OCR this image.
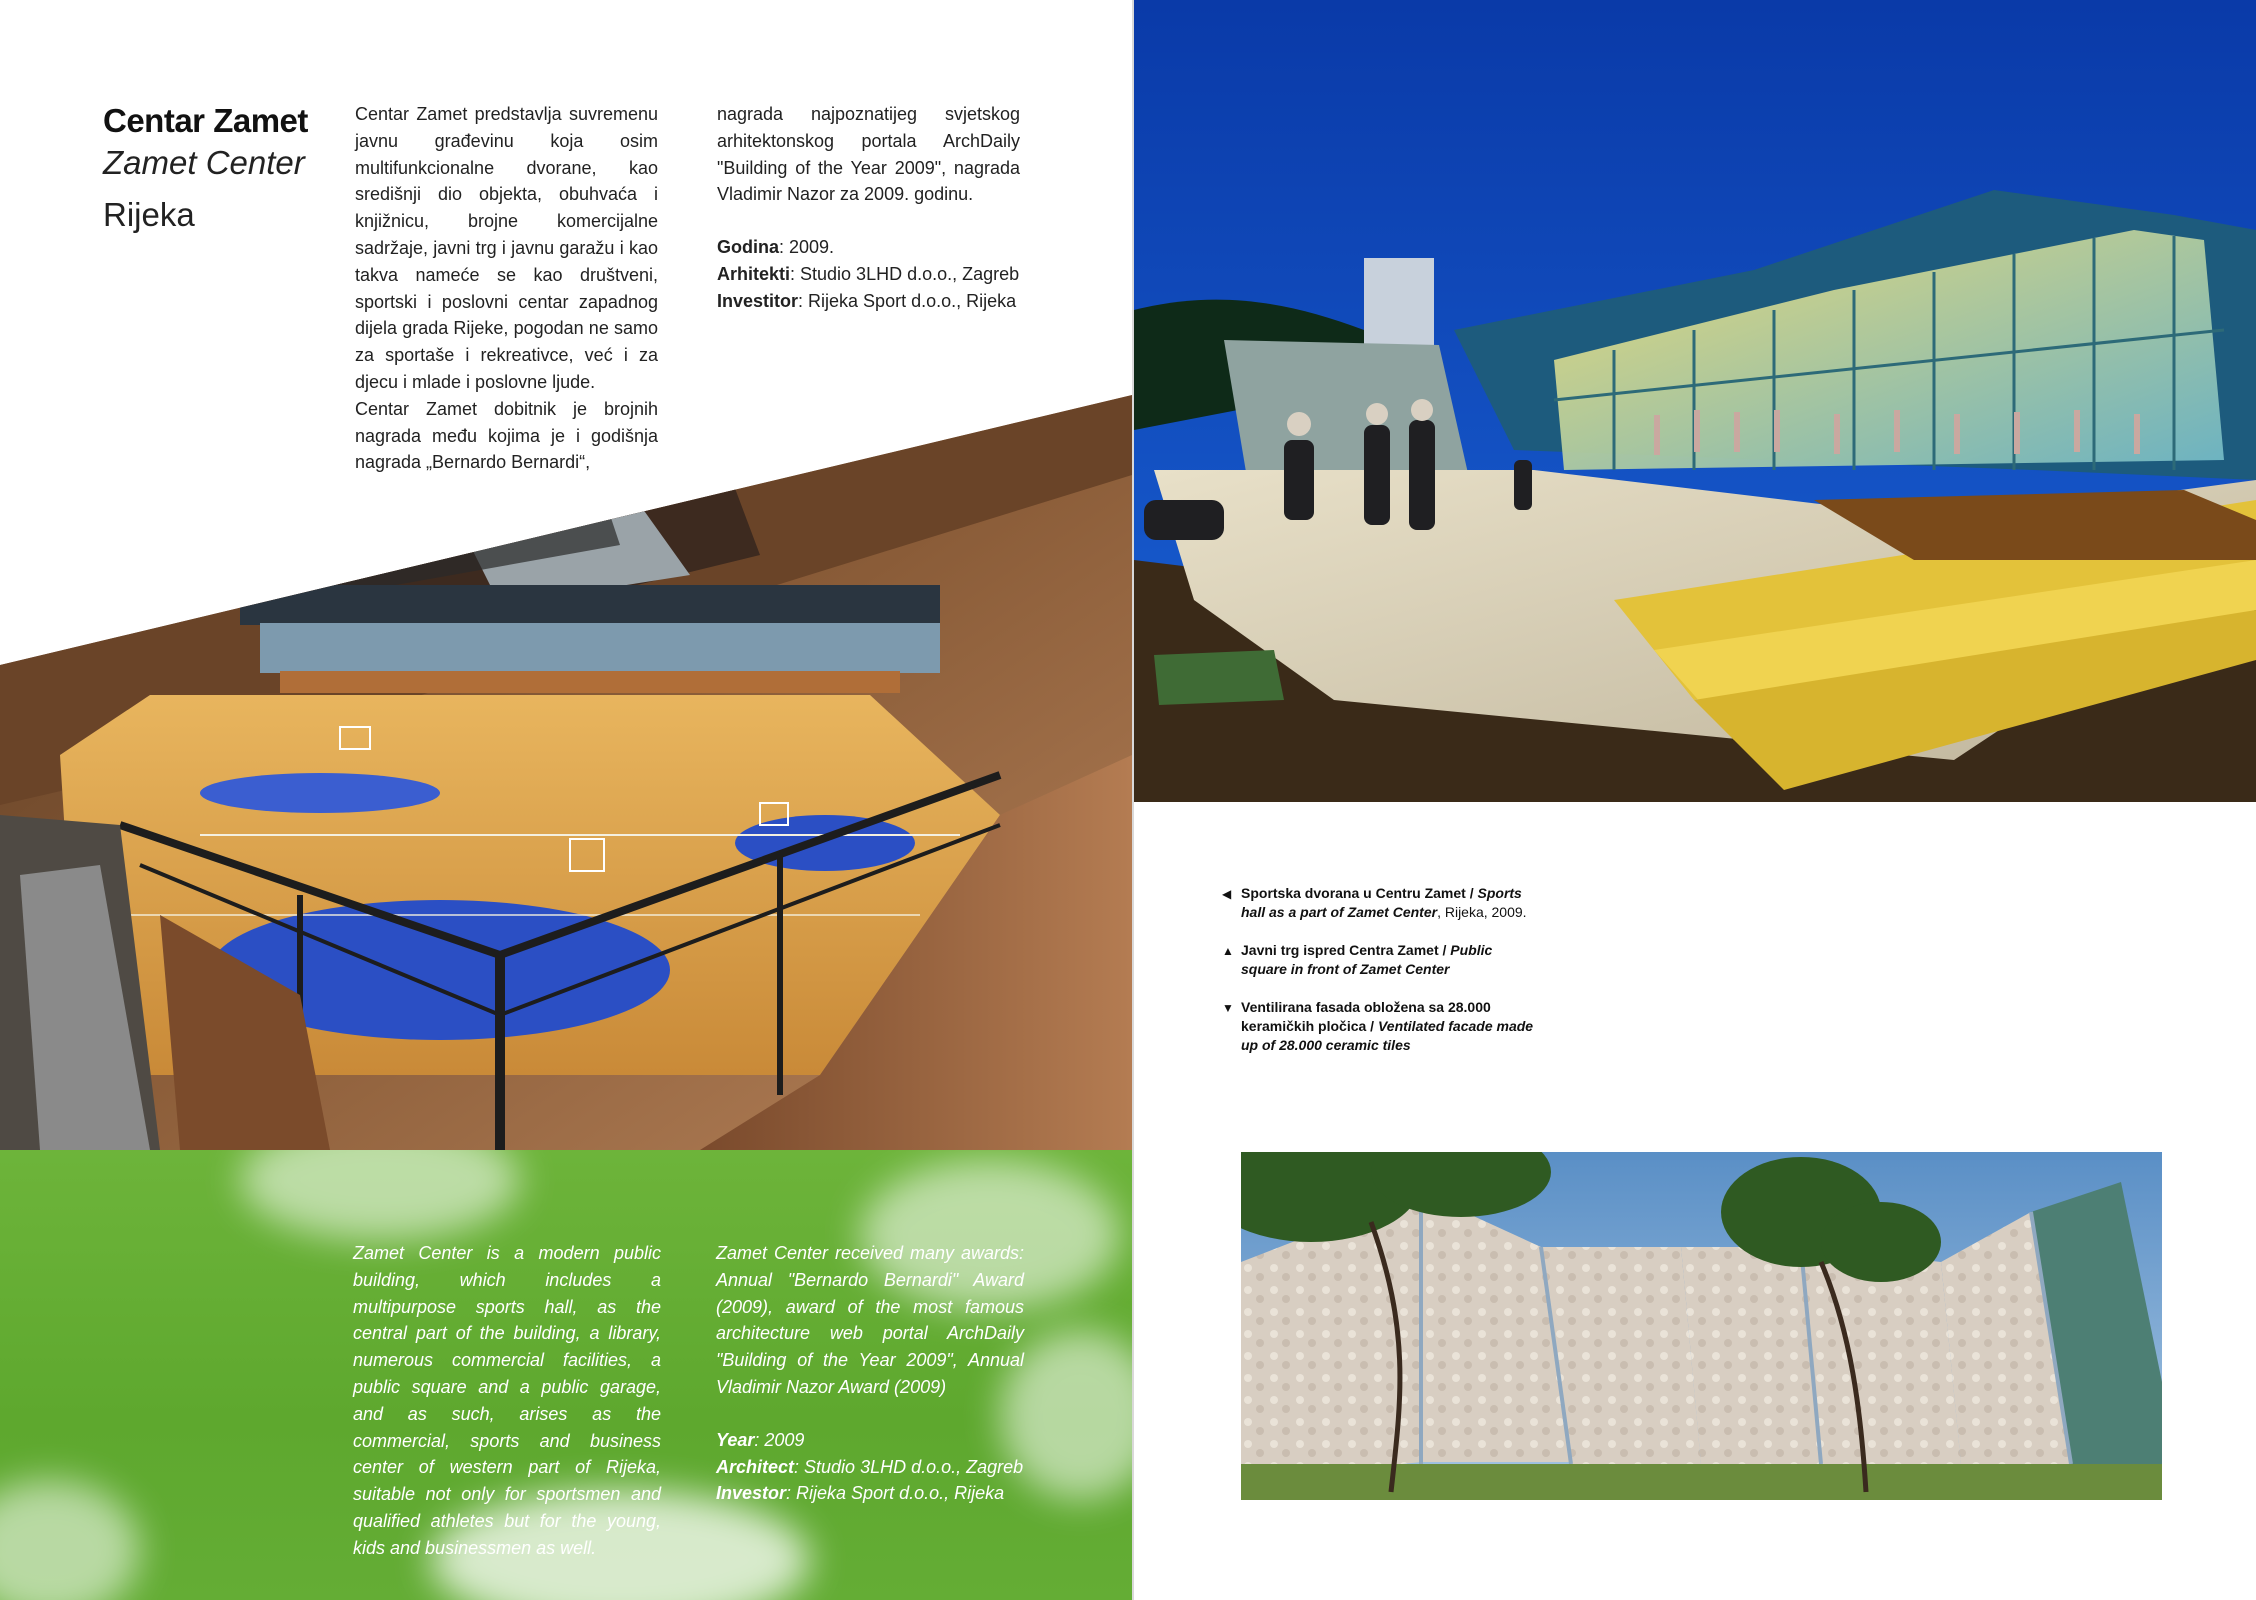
Centar Zamet
Zamet Center
Rijeka

Centar Zamet predstavlja suvremenu javnu građevinu koja osim multifunkcionalne dvorane, kao središnji dio objekta, obuhvaća i knjižnicu, brojne komercijalne sadržaje, javni trg i javnu garažu i kao takva nameće se kao društveni, sportski i poslovni centar zapadnog dijela grada Rijeke, pogodan ne samo za sportaše i rekreativce, već i za djecu i mlade i poslovne ljude.

Centar Zamet dobitnik je brojnih nagrada među kojima je i godišnja nagrada „Bernardo Bernardi“,

nagrada najpoznatijeg svjetskog arhitektonskog portala ArchDaily "Building of the Year 2009", nagrada Vladimir Nazor za 2009. godinu.

Godina: 2009.

Arhitekti: Studio 3LHD d.o.o., Zagreb

Investitor: Rijeka Sport d.o.o., Rijeka

Zamet Center is a modern public building, which includes a multipurpose sports hall, as the central part of the building, a library, numerous commercial facilities, a public square and a public garage, and as such, arises as the commercial, sports and business center of western part of Rijeka, suitable not only for sportsmen and qualified athletes but for the young, kids and businessmen as well.

Zamet Center received many awards: Annual "Bernardo Bernardi" Award (2009), award of the most famous architecture web portal ArchDaily "Building of the Year 2009", Annual Vladimir Nazor Award (2009)

Year: 2009

Architect: Studio 3LHD d.o.o., Zagreb

Investor: Rijeka Sport d.o.o., Rijeka

◀ Sportska dvorana u Centru Zamet / Sports hall as a part of Zamet Center, Rijeka, 2009.
▲ Javni trg ispred Centra Zamet / Public square in front of Zamet Center
▼ Ventilirana fasada obložena sa 28.000 keramičkih pločica / Ventilated facade made up of 28.000 ceramic tiles
